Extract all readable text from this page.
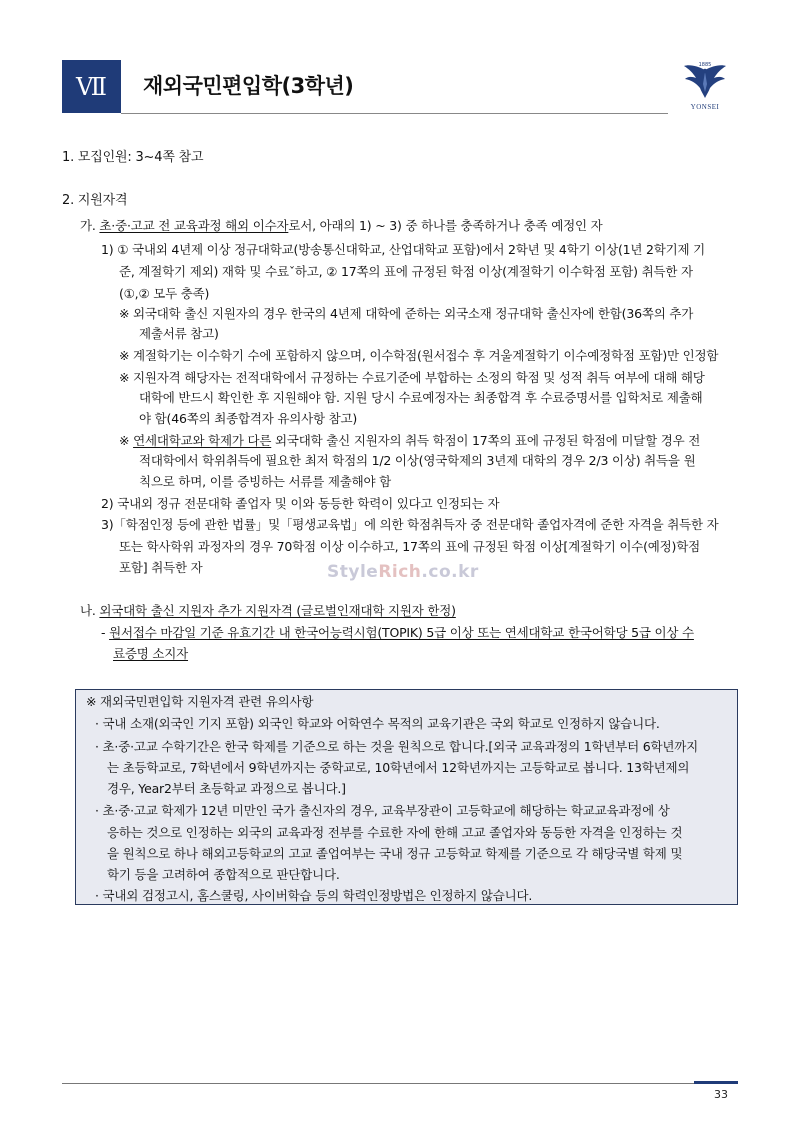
Ⅶ 재외국민편입학(3학년)
1885
YONSEI
1. 모집인원: 3~4쪽 참고
2. 지원자격
가. 초·중·고교 전 교육과정 해외 이수자로서, 아래의 1) ~ 3) 중 하나를 충족하거나 충족 예정인 자
1) ① 국내외 4년제 이상 정규대학교(방송통신대학교, 산업대학교 포함)에서 2학년 및 4학기 이상(1년 2학기제 기
준, 계절학기 제외) 재학 및 수료ˇ하고, ② 17쪽의 표에 규정된 학점 이상(계절학기 이수학점 포함) 취득한 자
(①,② 모두 충족)
※ 외국대학 출신 지원자의 경우 한국의 4년제 대학에 준하는 외국소재 정규대학 출신자에 한함(36쪽의 추가
제출서류 참고)
※ 계절학기는 이수학기 수에 포함하지 않으며, 이수학점(원서접수 후 겨울계절학기 이수예정학점 포함)만 인정함
※ 지원자격 해당자는 전적대학에서 규정하는 수료기준에 부합하는 소정의 학점 및 성적 취득 여부에 대해 해당
대학에 반드시 확인한 후 지원해야 함. 지원 당시 수료예정자는 최종합격 후 수료증명서를 입학처로 제출해
야 함(46쪽의 최종합격자 유의사항 참고)
※ 연세대학교와 학제가 다른 외국대학 출신 지원자의 취득 학점이 17쪽의 표에 규정된 학점에 미달할 경우 전
적대학에서 학위취득에 필요한 최저 학점의 1/2 이상(영국학제의 3년제 대학의 경우 2/3 이상) 취득을 원
칙으로 하며, 이를 증빙하는 서류를 제출해야 함
2) 국내외 정규 전문대학 졸업자 및 이와 동등한 학력이 있다고 인정되는 자
3)「학점인정 등에 관한 법률」및「평생교육법」에 의한 학점취득자 중 전문대학 졸업자격에 준한 자격을 취득한 자
또는 학사학위 과정자의 경우 70학점 이상 이수하고, 17쪽의 표에 규정된 학점 이상[계절학기 이수(예정)학점
포함] 취득한 자	StyleRich.co.kr
나. 외국대학 출신 지원자 추가 지원자격 (글로벌인재대학 지원자 한정)
- 원서접수 마감일 기준 유효기간 내 한국어능력시험(TOPIK) 5급 이상 또는 연세대학교 한국어학당 5급 이상 수
료증명 소지자
※ 재외국민편입학 지원자격 관련 유의사항
· 국내 소재(외국인 기지 포함) 외국인 학교와 어학연수 목적의 교육기관은 국외 학교로 인정하지 않습니다.
· 초·중·고교 수학기간은 한국 학제를 기준으로 하는 것을 원칙으로 합니다.[외국 교육과정의 1학년부터 6학년까지
는 초등학교로, 7학년에서 9학년까지는 중학교로, 10학년에서 12학년까지는 고등학교로 봅니다. 13학년제의
경우, Year2부터 초등학교 과정으로 봅니다.]
· 초·중·고교 학제가 12년 미만인 국가 출신자의 경우, 교육부장관이 고등학교에 해당하는 학교교육과정에 상
응하는 것으로 인정하는 외국의 교육과정 전부를 수료한 자에 한해 고교 졸업자와 동등한 자격을 인정하는 것
을 원칙으로 하나 해외고등학교의 고교 졸업여부는 국내 정규 고등학교 학제를 기준으로 각 해당국별 학제 및
학기 등을 고려하여 종합적으로 판단합니다.
· 국내외 검정고시, 홈스쿨링, 사이버학습 등의 학력인정방법은 인정하지 않습니다.
33
